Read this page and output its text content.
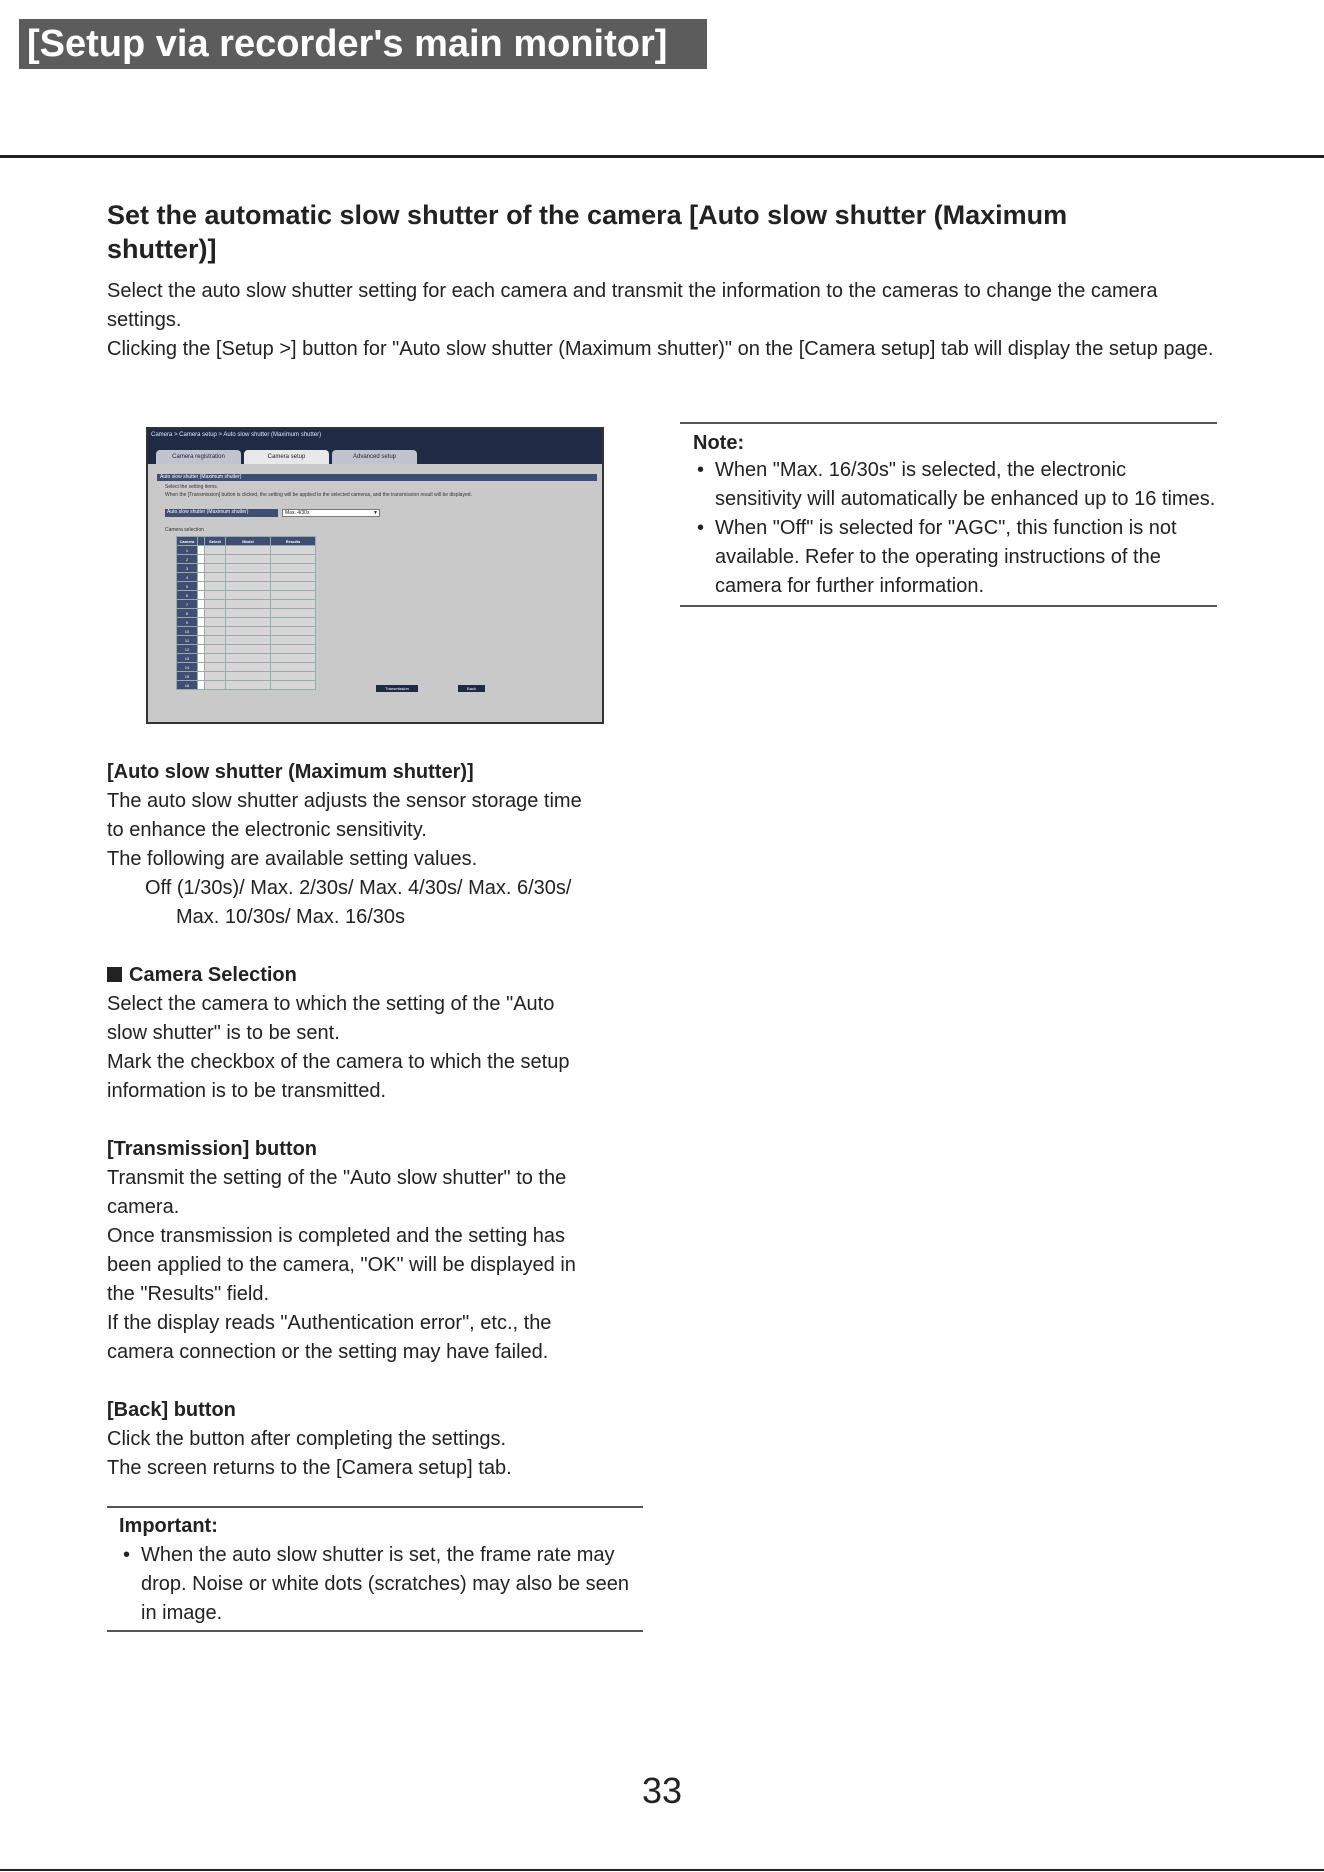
[Setup via recorder's main monitor]
Set the automatic slow shutter of the camera [Auto slow shutter (Maximum shutter)]

Select the auto slow shutter setting for each camera and transmit the information to the cameras to change the camera settings.

Clicking the [Setup >] button for "Auto slow shutter (Maximum shutter)" on the [Camera setup] tab will display the setup page.

Camera > Camera setup > Auto slow shutter (Maximum shutter)
Camera registration	Camera setup	Advanced setup
Auto slow shutter (Maximum shutter)
Select the setting items.
When the [Transmission] button is clicked, the setting will be applied to the selected cameras, and the transmission result will be displayed.
Auto slow shutter (Maximum shutter)	Max. 4/30s	▼
Camera selection
Camera		Select	Model	Results
1				
2				
3				
4				
5				
6				
7				
8				
9				
10				
11				
12				
13				
14				
15				
16				
Transmission	Back
Note:
• When "Max. 16/30s" is selected, the electronic sensitivity will automatically be enhanced up to 16 times.
• When "Off" is selected for "AGC", this function is not available. Refer to the operating instructions of the camera for further information.

[Auto slow shutter (Maximum shutter)]

The auto slow shutter adjusts the sensor storage time

to enhance the electronic sensitivity.

The following are available setting values.

Off (1/30s)/ Max. 2/30s/ Max. 4/30s/ Max. 6/30s/

Max. 10/30s/ Max. 16/30s

Camera Selection

Select the camera to which the setting of the "Auto

slow shutter" is to be sent.

Mark the checkbox of the camera to which the setup

information is to be transmitted.

[Transmission] button

Transmit the setting of the "Auto slow shutter" to the

camera.

Once transmission is completed and the setting has

been applied to the camera, "OK" will be displayed in

the "Results" field.

If the display reads "Authentication error", etc., the

camera connection or the setting may have failed.

[Back] button

Click the button after completing the settings.

The screen returns to the [Camera setup] tab.

Important:
• When the auto slow shutter is set, the frame rate may drop. Noise or white dots (scratches) may also be seen in image.
33
